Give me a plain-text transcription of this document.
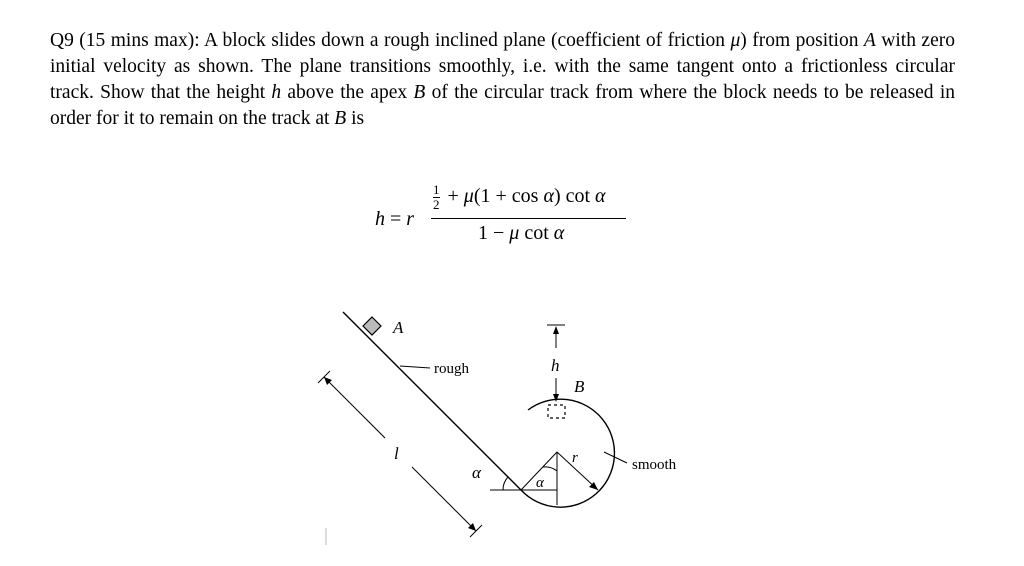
Q9 (15 mins max): A block slides down a rough inclined plane (coefficient of friction μ) from position A with zero initial velocity as shown. The plane transitions smoothly, i.e. with the same tangent onto a frictionless circular track. Show that the height h above the apex B of the circular track from where the block needs to be released in order for it to remain on the track at B is
h = r
$\frac{1}{2} + \mu(1 + \cos \alpha)$ cot α
1 − μ cot α
A
h
B
l
α
α
r
rough
smooth
